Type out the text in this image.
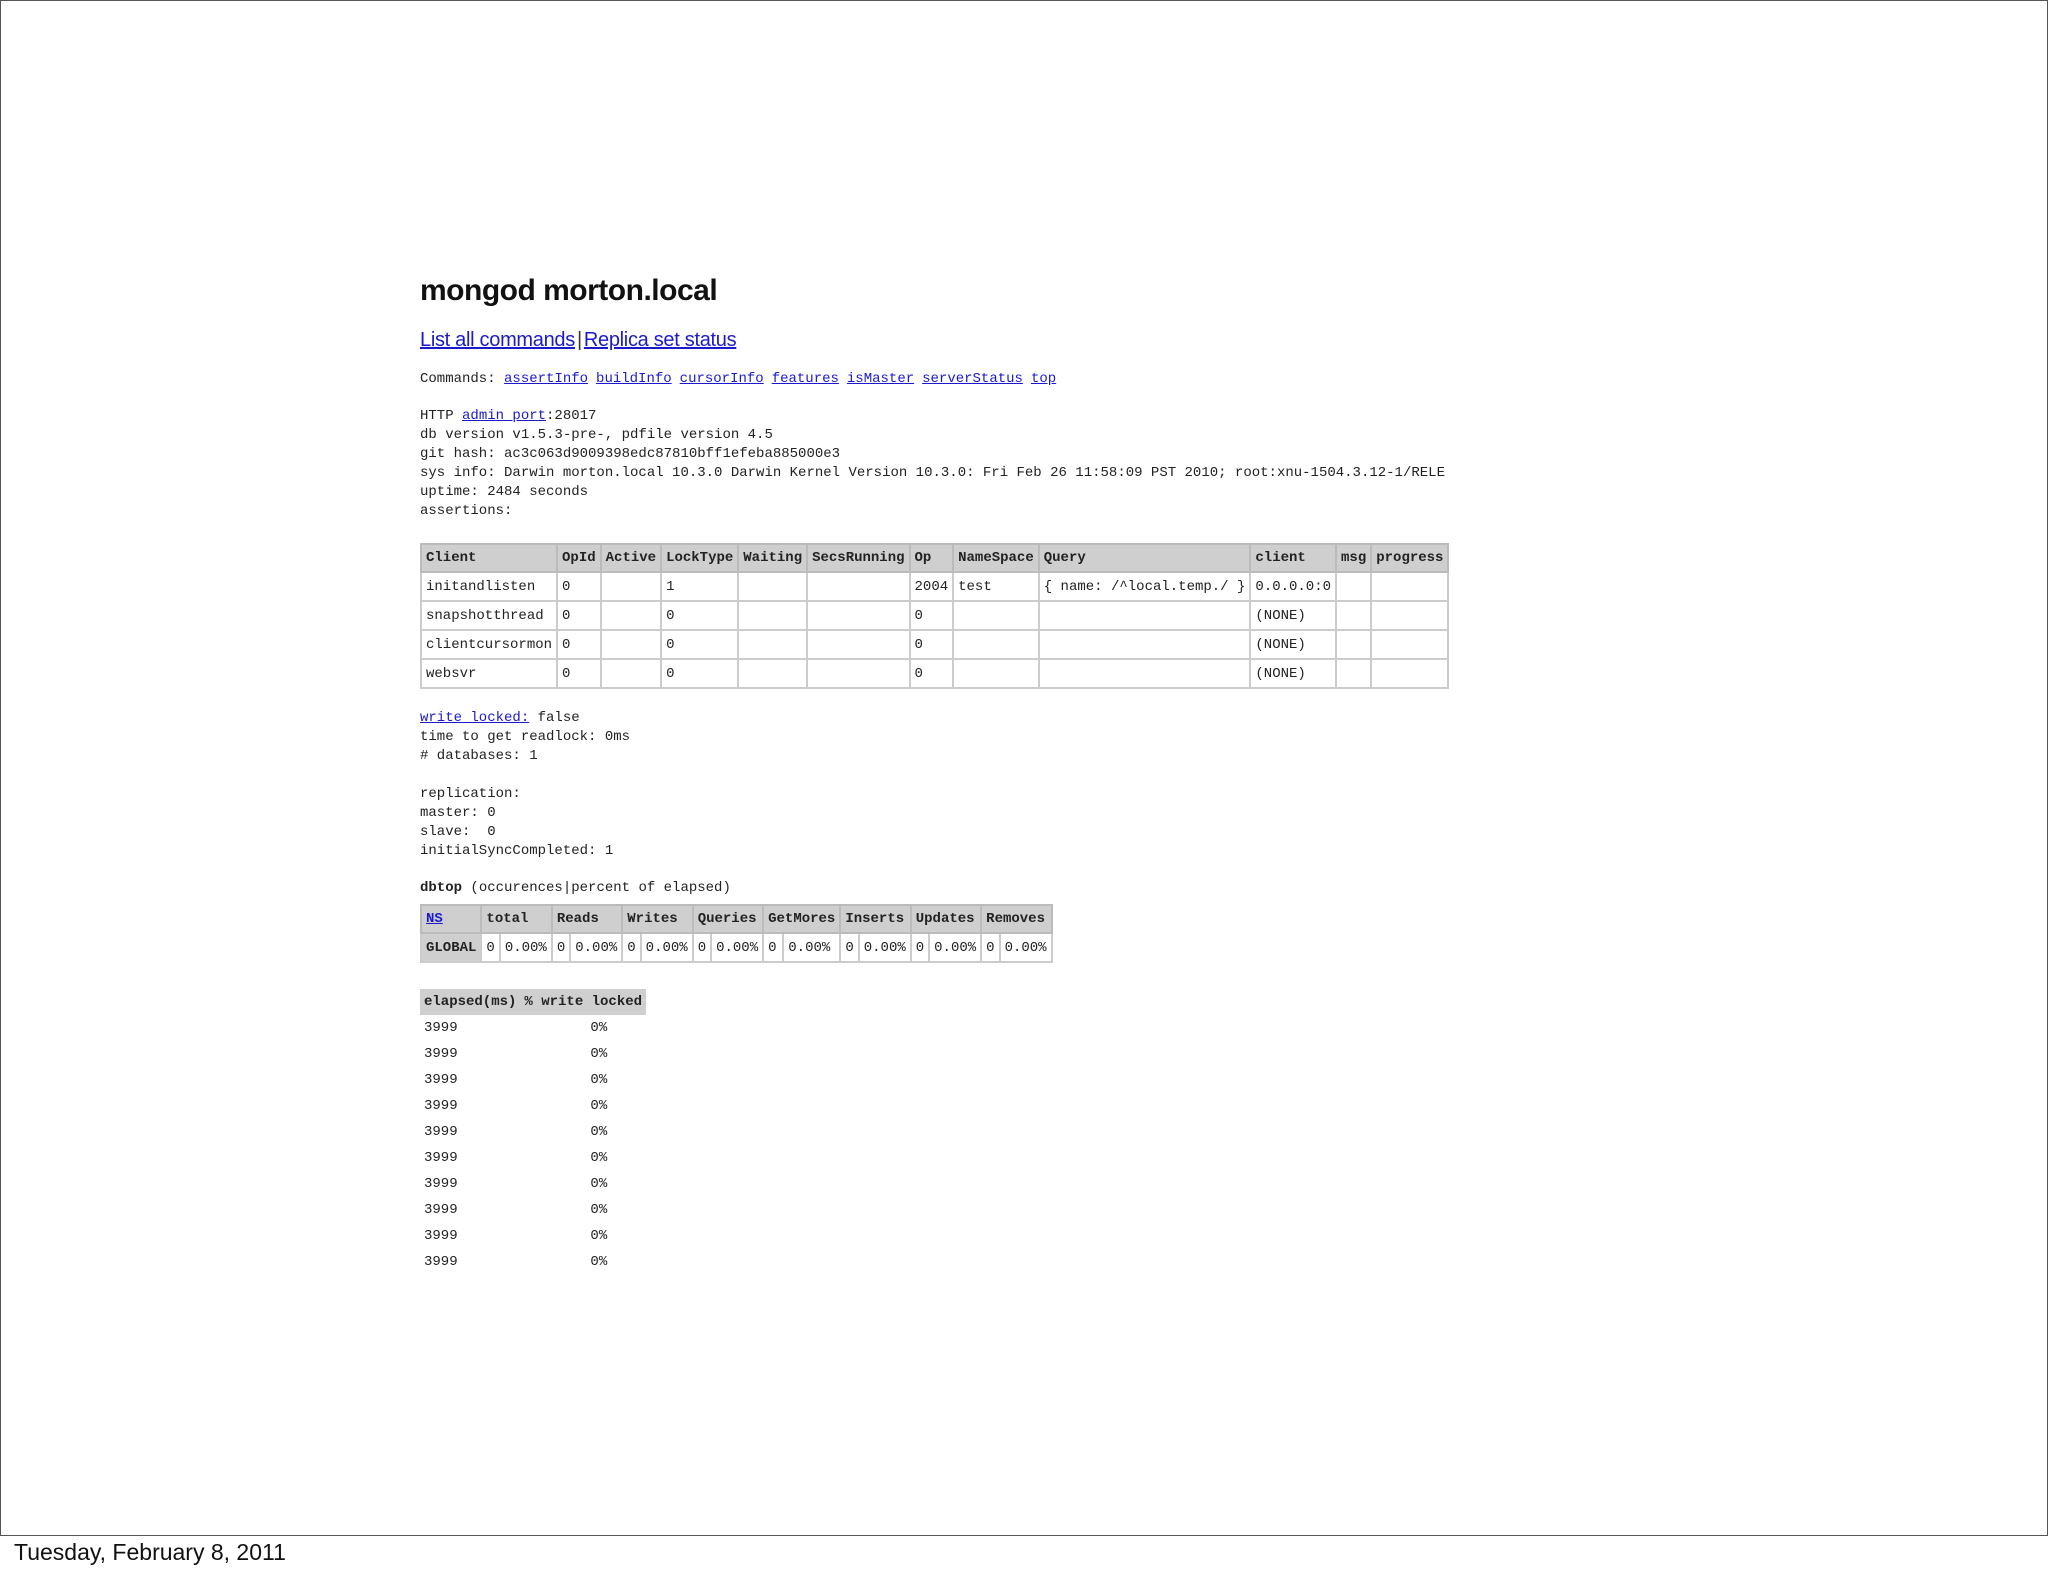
mongod morton.local
List all commands | Replica set status
Commands: assertInfo buildInfo cursorInfo features isMaster serverStatus top
HTTP admin port:28017
db version v1.5.3-pre-, pdfile version 4.5
git hash: ac3c063d9009398edc87810bff1efeba885000e3
sys info: Darwin morton.local 10.3.0 Darwin Kernel Version 10.3.0: Fri Feb 26 11:58:09 PST 2010; root:xnu-1504.3.12-1/RELE
uptime: 2484 seconds
assertions:
Client	OpId	Active	LockType	Waiting	SecsRunning	Op	NameSpace	Query	client	msg	progress
initandlisten	0		1			2004	test	{ name: /^local.temp./ }	0.0.0.0:0		
snapshotthread	0		0			0			(NONE)		
clientcursormon	0		0			0			(NONE)		
websvr	0		0			0			(NONE)		
write locked: false
time to get readlock: 0ms
# databases: 1
replication:
master: 0
slave:  0
initialSyncCompleted: 1
dbtop (occurences|percent of elapsed)
NS	total		Reads		Writes		Queries		GetMores		Inserts		Updates		Removes	
GLOBAL	0	0.00%	0	0.00%	0	0.00%	0	0.00%	0	0.00%	0	0.00%	0	0.00%	0	0.00%
elapsed(ms)	% write locked
3999	0%
3999	0%
3999	0%
3999	0%
3999	0%
3999	0%
3999	0%
3999	0%
3999	0%
3999	0%
Tuesday, February 8, 2011
